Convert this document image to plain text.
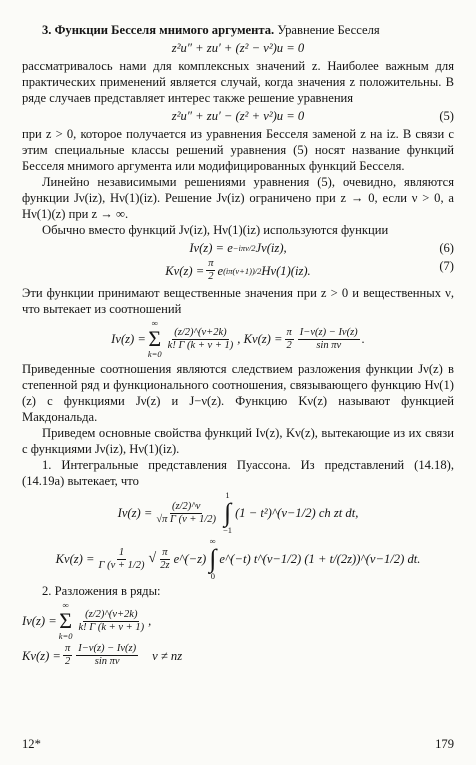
3. Функции Бесселя мнимого аргумента. Уравнение Бесселя

z²u″ + zu′ + (z² − ν²)u = 0

рассматривалось нами для комплексных значений z. Наиболее важным для практических применений является случай, когда значения z положительны. В ряде случаев представляет интерес также решение уравнения

z²u″ + zu′ − (z² + ν²)u = 0	(5)

при z > 0, которое получается из уравнения Бесселя заменой z на iz. В связи с этим специальные классы решений уравнения (5) носят название функций Бесселя мнимого аргумента или модифицированных функций Бесселя.

Линейно независимыми решениями уравнения (5), очевидно, являются функции Jν(iz), Hν(1)(iz). Решение Jν(iz) ограничено при z → 0, если ν > 0, а Hν(1)(z) при z → ∞.

Обычно вместо функций Jν(iz), Hν(1)(iz) используются функции

Iν(z) = e −iπν/2 Jν(iz),	(6)
$K\nu(z) = \frac{\pi}{2}$ e (iπ(ν+1))/2 Hν(1)(iz).	(7)

Эти функции принимают вещественные значения при z > 0 и вещественных ν, что вытекает из соотношений

Iν(z) =
∞
Σ
k=0
$\frac{(z/2)\^{}(\nu+2k)}{k! \Gamma (k + \nu + 1)}$ , $K\nu(z) = \frac{\pi}{2} \frac{I-\nu(z) - I\nu(z)}{\text{sin πν}}$ .

Приведенные соотношения являются следствием разложения функции Jν(z) в степенной ряд и функционального соотношения, связывающего функцию Hν(1)(z) с функциями Jν(z) и J−ν(z). Функцию Kν(z) называют функцией Макдональда.

Приведем основные свойства функций Iν(z), Kν(z), вытекающие из их связи с функциями Jν(iz), Hν(1)(iz).

1. Интегральные представления Пуассона. Из представлений (14.18), (14.19а) вытекает, что

$I\nu(z) = \frac{(z/2)\^{}\nu}{\text{√π Γ (ν + 1/2)}}$
1
∫
−1
(1 − t²)^(ν−1/2) ch zt dt,
$K\nu(z) = \frac{1}{\Gamma (\nu + 1/2)}$ √ $\frac{\pi}{2z}$ e^(−z)
∞
∫
0
e^(−t) t^(ν−1/2) (1 + t/(2z))^(ν−1/2) dt.

2. Разложения в ряды:

Iν(z) =
∞
Σ
k=0
$\frac{(z/2)\^{}(\nu+2k)}{k! \Gamma (k + \nu + 1)}$ ,
$K\nu(z) = \frac{\pi}{2} \frac{I-\nu(z) - I\nu(z)}{\text{sin πν}}$ ν ≠ nz
12*	179
